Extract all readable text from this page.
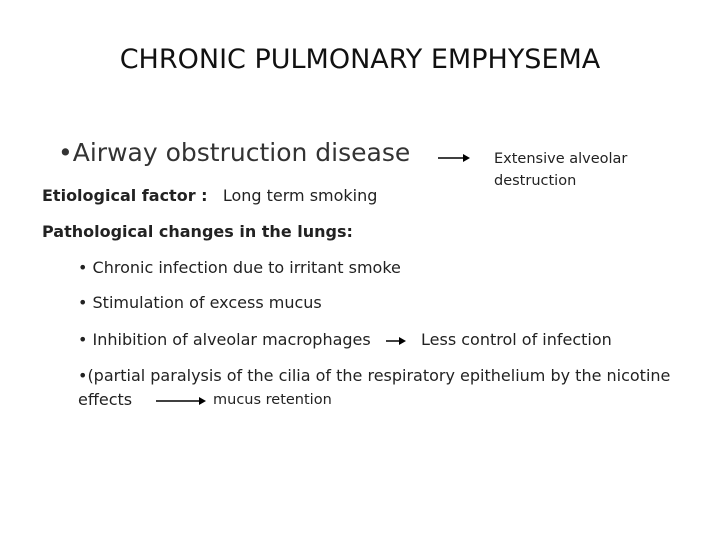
CHRONIC PULMONARY EMPHYSEMA
•Airway obstruction disease	Extensive alveolar
destruction
Etiological factor : Long term smoking
Pathological changes in the lungs:
• Chronic infection due to irritant smoke
• Stimulation of excess mucus
• Inhibition of alveolar macrophages	Less control of infection
•(partial paralysis of the cilia of the respiratory epithelium by the nicotine
effects	mucus retention
